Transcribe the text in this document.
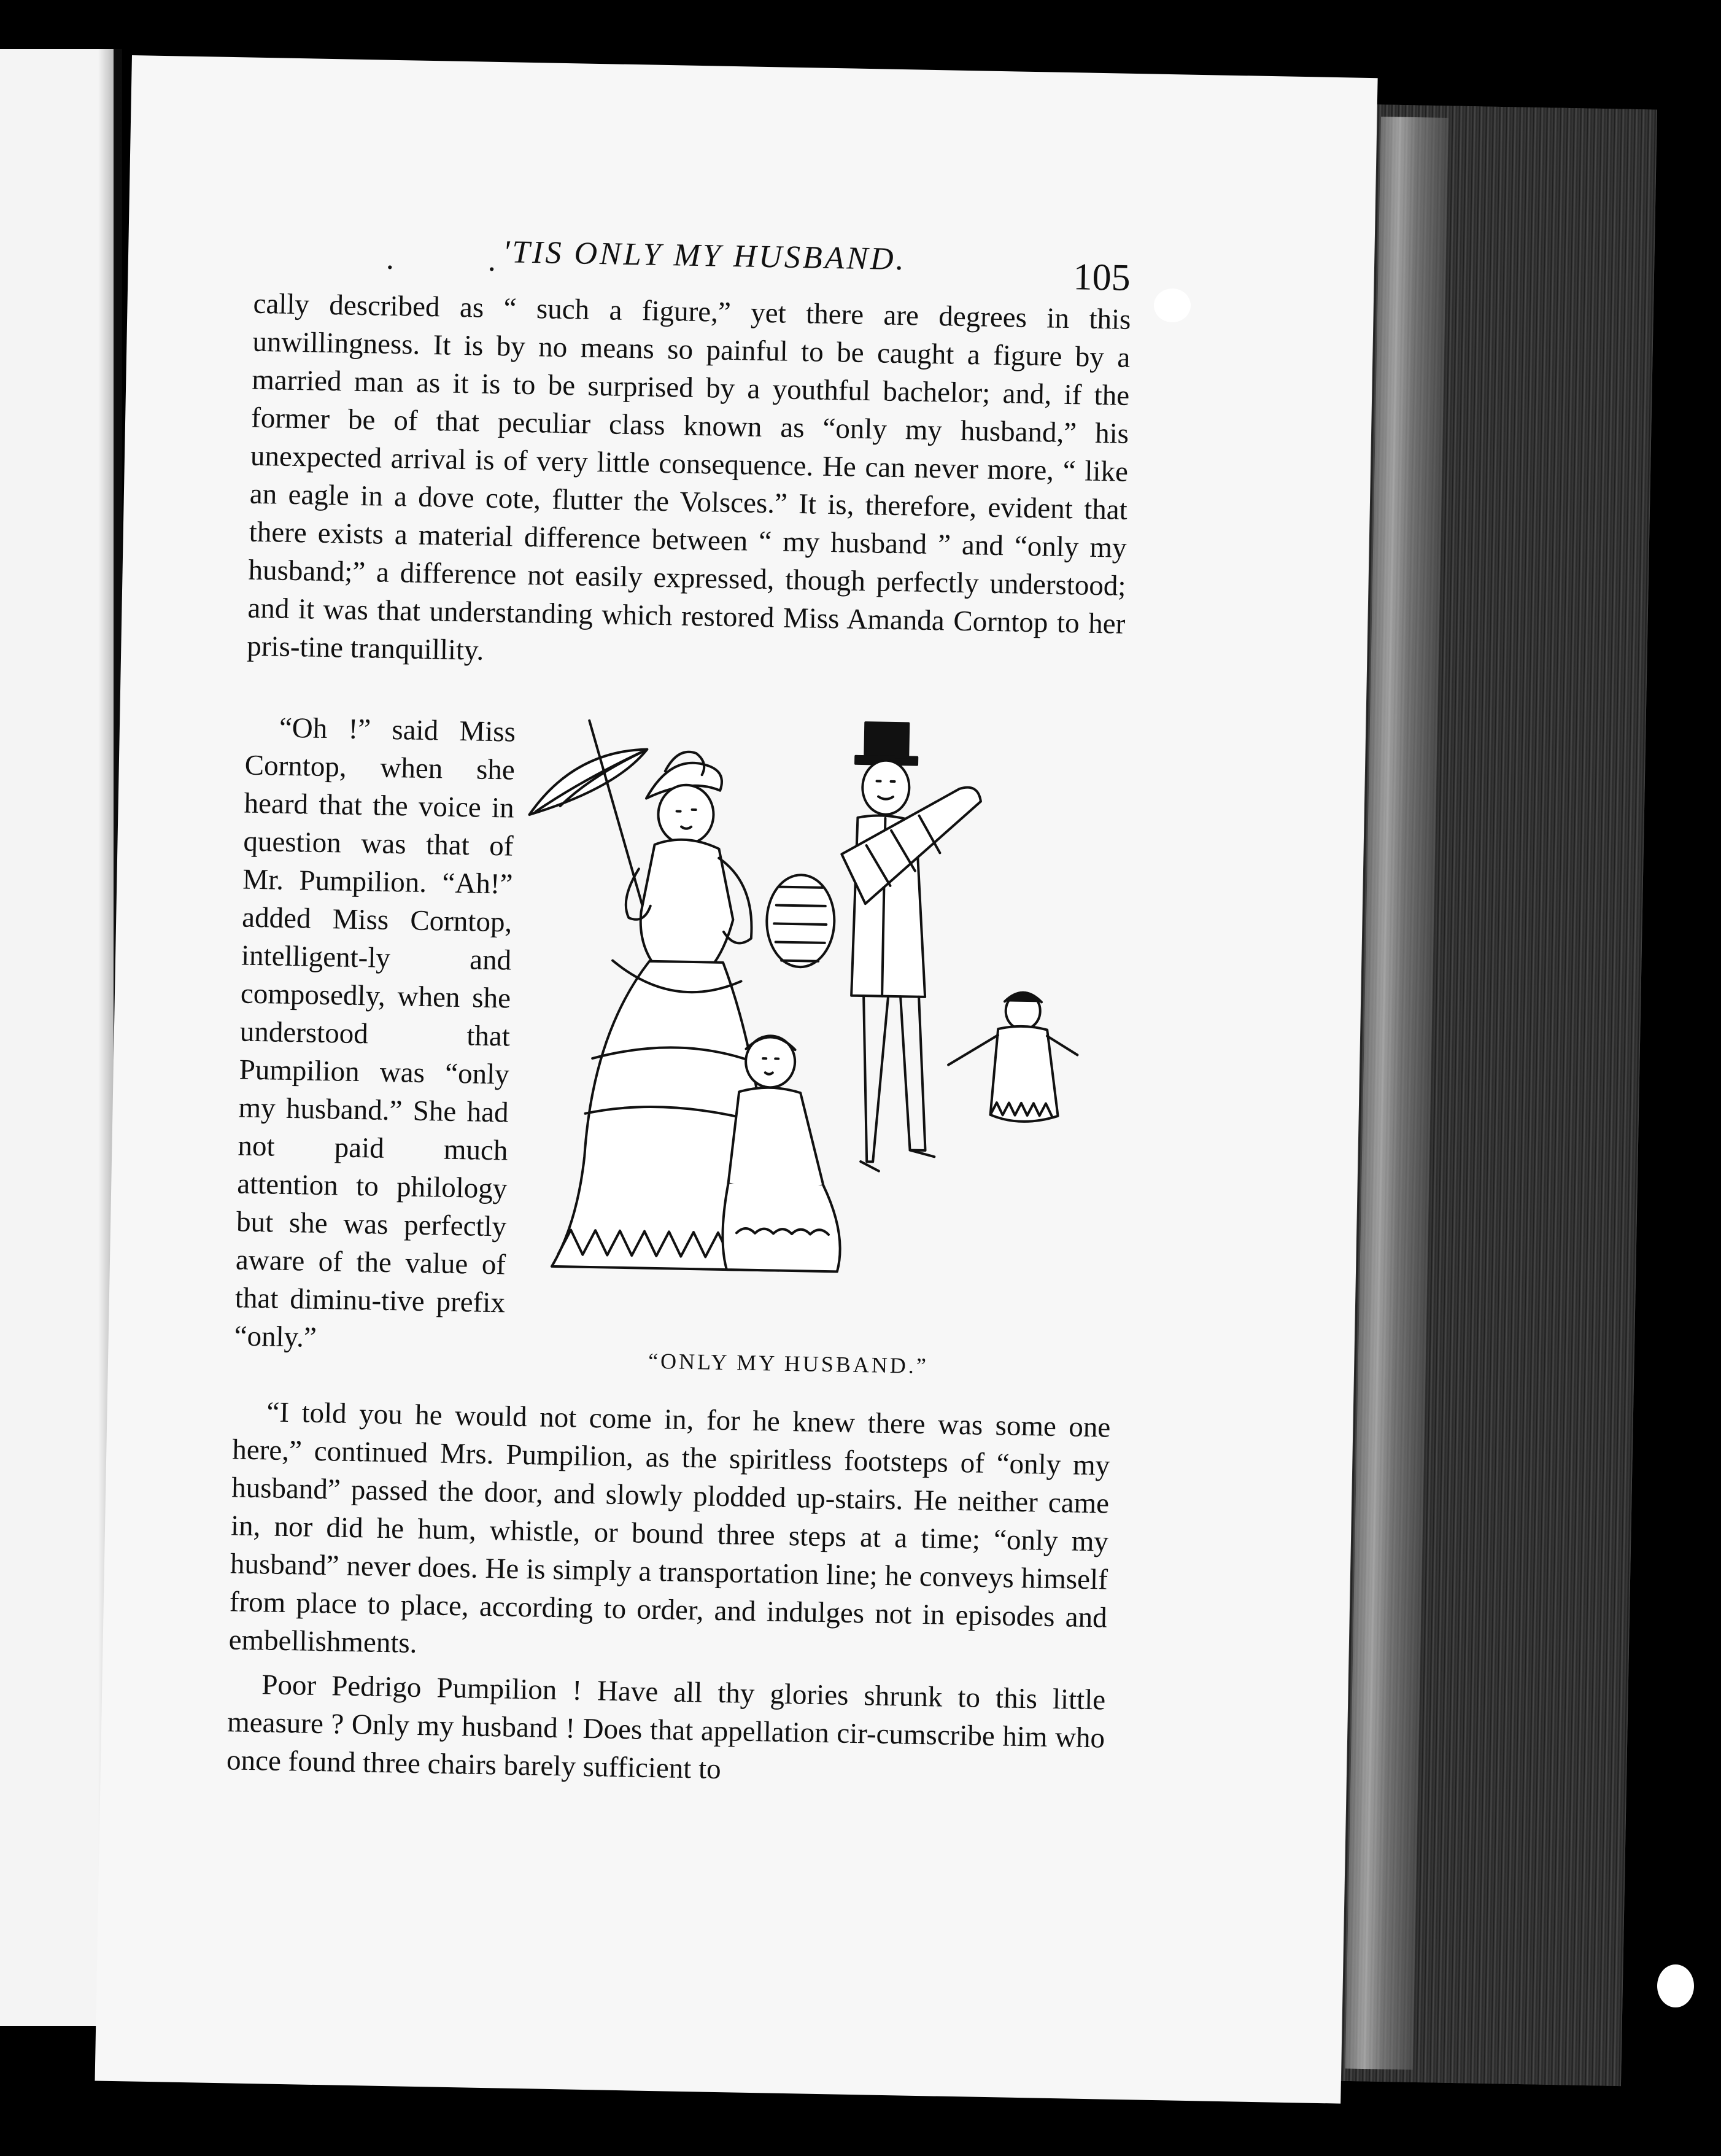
. .
'TIS ONLY MY HUSBAND.
105

cally described as “ such a figure,” yet there are degrees in this unwillingness. It is by no means so painful to be caught a figure by a married man as it is to be surprised by a youthful bachelor; and, if the former be of that peculiar class known as “only my husband,” his unexpected arrival is of very little consequence. He can never more, “ like an eagle in a dove cote, flutter the Volsces.” It is, therefore, evident that there exists a material difference between “ my husband ” and “only my husband;” a difference not easily expressed, though perfectly understood; and it was that understanding which restored Miss Amanda Corntop to her pris-tine tranquillity.

“Oh !” said Miss Corntop, when she heard that the voice in question was that of Mr. Pumpilion. “Ah!” added Miss Corntop, intelligent-ly and composedly, when she understood that Pumpilion was “only my husband.” She had not paid much attention to philology but she was perfectly aware of the value of that diminu-tive prefix “only.”

“ONLY MY HUSBAND.”

“I told you he would not come in, for he knew there was some one here,” continued Mrs. Pumpilion, as the spiritless footsteps of “only my husband” passed the door, and slowly plodded up-stairs. He neither came in, nor did he hum, whistle, or bound three steps at a time; “only my husband” never does. He is simply a transportation line; he conveys himself from place to place, according to order, and indulges not in episodes and embellishments.

Poor Pedrigo Pumpilion ! Have all thy glories shrunk to this little measure ? Only my husband ! Does that appellation cir-cumscribe him who once found three chairs barely sufficient to
